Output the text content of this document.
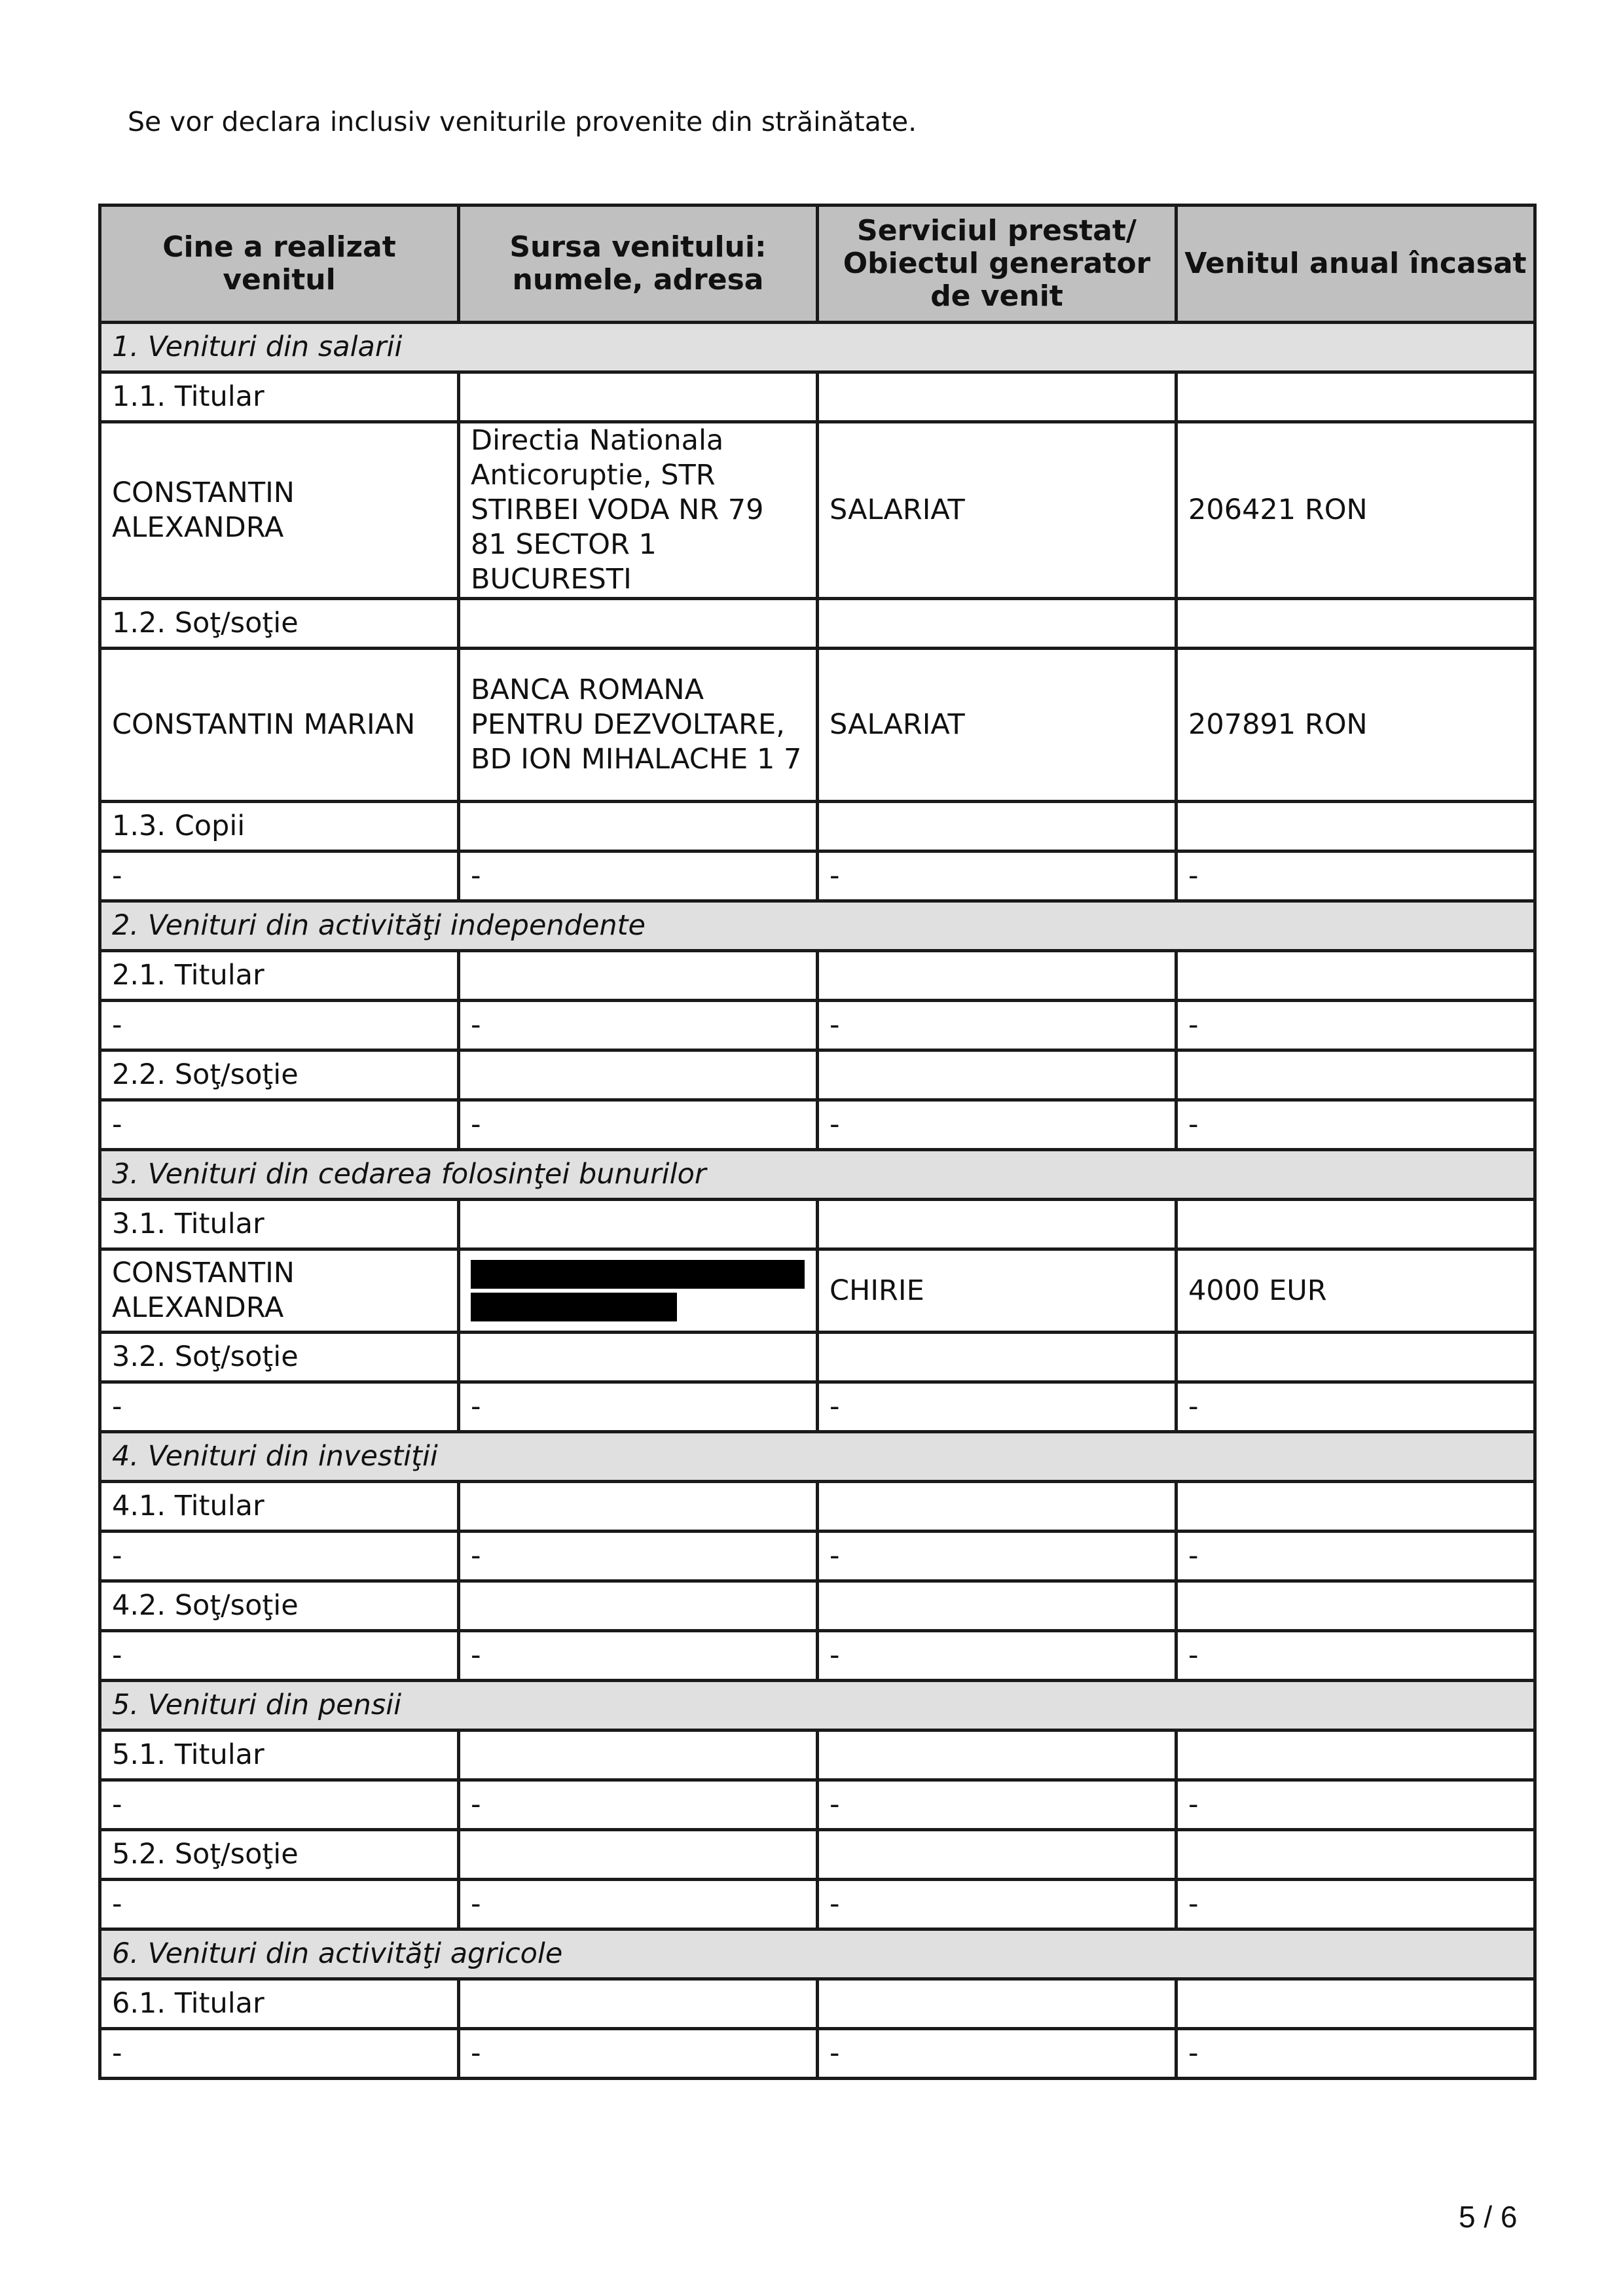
Se vor declara inclusiv veniturile provenite din străinătate.
Cine a realizat venitul	Sursa venitului: numele, adresa	Serviciul prestat/ Obiectul generator de venit	Venitul anual încasat
1. Venituri din salarii			
1.1. Titular			
CONSTANTIN ALEXANDRA	Directia Nationala Anticoruptie, STR STIRBEI VODA NR 79 81 SECTOR 1 BUCURESTI	SALARIAT	206421 RON
1.2. Soţ/soţie			
CONSTANTIN MARIAN	BANCA ROMANA PENTRU DEZVOLTARE, BD ION MIHALACHE 1 7	SALARIAT	207891 RON
1.3. Copii			
-	-	-	-
2. Venituri din activităţi independente			
2.1. Titular			
-	-	-	-
2.2. Soţ/soţie			
-	-	-	-
3. Venituri din cedarea folosinţei bunurilor			
3.1. Titular			
CONSTANTIN ALEXANDRA		CHIRIE	4000 EUR
3.2. Soţ/soţie			
-	-	-	-
4. Venituri din investiţii			
4.1. Titular			
-	-	-	-
4.2. Soţ/soţie			
-	-	-	-
5. Venituri din pensii			
5.1. Titular			
-	-	-	-
5.2. Soţ/soţie			
-	-	-	-
6. Venituri din activităţi agricole			
6.1. Titular			
-	-	-	-
5 / 6
